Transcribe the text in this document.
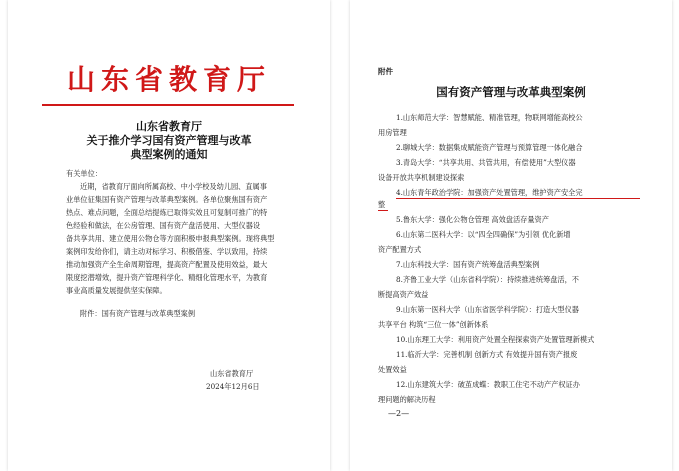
山东省教育厅
山东省教育厅
关于推介学习国有资产管理与改革
典型案例的通知
有关单位：
近期，省教育厅面向所属高校、中小学校及幼儿园、直属事
业单位征集国有资产管理与改革典型案例。各单位聚焦国有资产
热点、难点问题，全面总结提炼已取得实效且可复制可推广的特
色经验和做法，在公房管理、国有资产盘活使用、大型仪器设
备共享共用、建立使用公物仓等方面积极申报典型案例。现将典型
案例印发给你们，请主动对标学习、积极借鉴、学以致用，持续
推动加强资产全生命周期管理，提高资产配置及使用效益，最大
限度挖潜增效，提升资产管理科学化、精细化管理水平，为教育
事业高质量发展提供坚实保障。
附件：国有资产管理与改革典型案例
山东省教育厅
2024年12月6日
附件
国有资产管理与改革典型案例
1.山东师范大学：智慧赋能、精准管理，物联网增能高校公
用房管理
2.聊城大学：数据集成赋能资产管理与预算管理一体化融合
3.青岛大学：“共享共用、共管共用，有偿使用”大型仪器
设备开放共享机制建设探索
4.山东青年政治学院：加强资产处置管理，维护资产安全完
整
5.鲁东大学：强化公物仓管理 高效盘活存量资产
6.山东第二医科大学：以“四全四确保”为引领 优化新增
资产配置方式
7.山东科技大学：国有资产统筹盘活典型案例
8.齐鲁工业大学（山东省科学院）：持续推进统筹盘活，不
断提高资产效益
9.山东第一医科大学（山东省医学科学院）：打造大型仪器
共享平台 构筑“三位一体”创新体系
10.山东理工大学：利用资产处置全程探索资产处置管理新模式
11.临沂大学：完善机制 创新方式 有效提升国有资产报废
处置效益
12.山东建筑大学：破茧成蝶：教职工住宅不动产产权证办
理问题的解决历程
—2—
